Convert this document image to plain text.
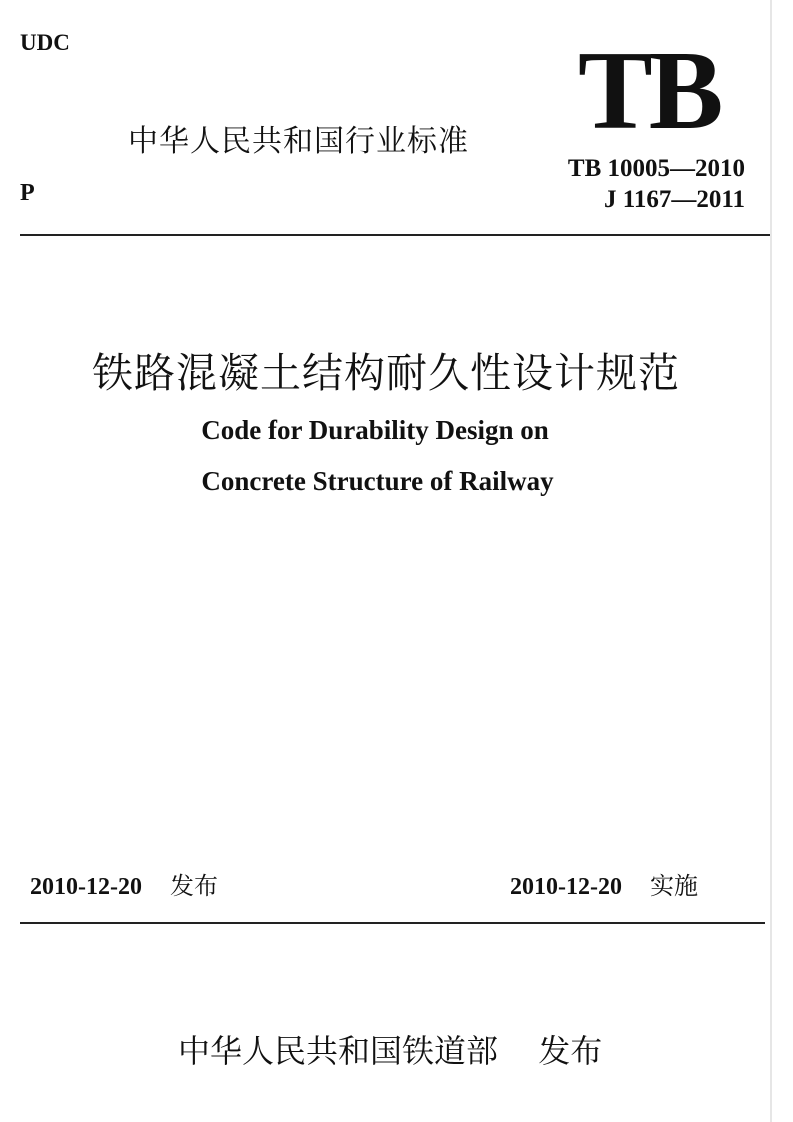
UDC
中华人民共和国行业标准 TB
P
TB 10005—2010
J 1167—2011
铁路混凝土结构耐久性设计规范
Code for Durability Design on
Concrete Structure of Railway
2010-12-20 发布	2010-12-20 实施
中华人民共和国铁道部 发布
